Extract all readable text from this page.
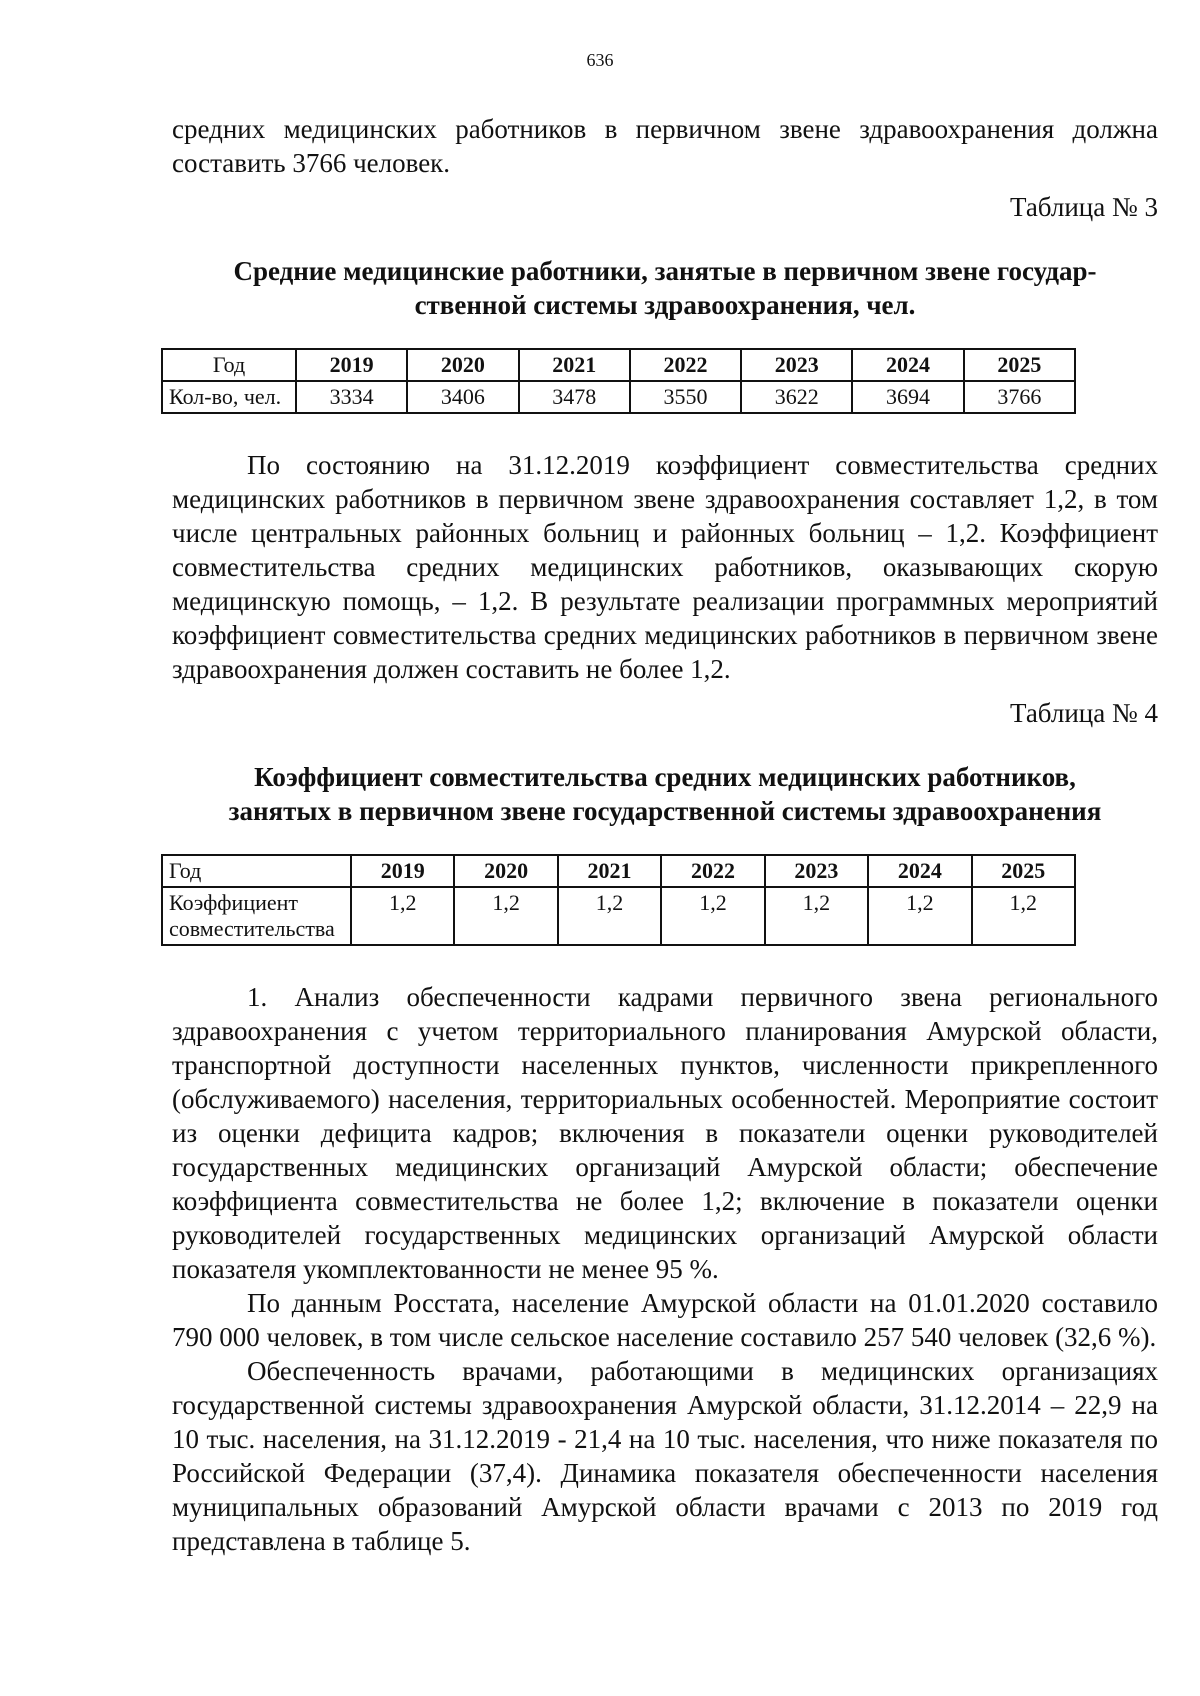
636

средних медицинских работников в первичном звене здравоохранения должна составить 3766 человек.

Таблица № 3

Средние медицинские работники, занятые в первичном звене государ-
ственной системы здравоохранения, чел.
Год	2019	2020	2021	2022	2023	2024	2025
Кол-во, чел.	3334	3406	3478	3550	3622	3694	3766

По состоянию на 31.12.2019 коэффициент совместительства средних медицинских работников в первичном звене здравоохранения составляет 1,2, в том числе центральных районных больниц и районных больниц – 1,2. Коэффициент совместительства средних медицинских работников, оказывающих скорую медицинскую помощь, – 1,2. В результате реализации программных мероприятий коэффициент совместительства средних медицинских работников в первичном звене здравоохранения должен составить не более 1,2.

Таблица № 4

Коэффициент совместительства средних медицинских работников,
занятых в первичном звене государственной системы здравоохранения
Год	2019	2020	2021	2022	2023	2024	2025
Коэффициент совместительства	1,2	1,2	1,2	1,2	1,2	1,2	1,2

1. Анализ обеспеченности кадрами первичного звена регионального здравоохранения с учетом территориального планирования Амурской области, транспортной доступности населенных пунктов, численности прикрепленного (обслуживаемого) населения, территориальных особенностей. Мероприятие состоит из оценки дефицита кадров; включения в показатели оценки руководителей государственных медицинских организаций Амурской области; обеспечение коэффициента совместительства не более 1,2; включение в показатели оценки руководителей государственных медицинских организаций Амурской области показателя укомплектованности не менее 95 %.

По данным Росстата, население Амурской области на 01.01.2020 составило 790 000 человек, в том числе сельское население составило 257 540 человек (32,6 %).

Обеспеченность врачами, работающими в медицинских организациях государственной системы здравоохранения Амурской области, 31.12.2014 – 22,9 на 10 тыс. населения, на 31.12.2019 - 21,4 на 10 тыс. населения, что ниже показателя по Российской Федерации (37,4). Динамика показателя обеспеченности населения муниципальных образований Амурской области врачами с 2013 по 2019 год представлена в таблице 5.
